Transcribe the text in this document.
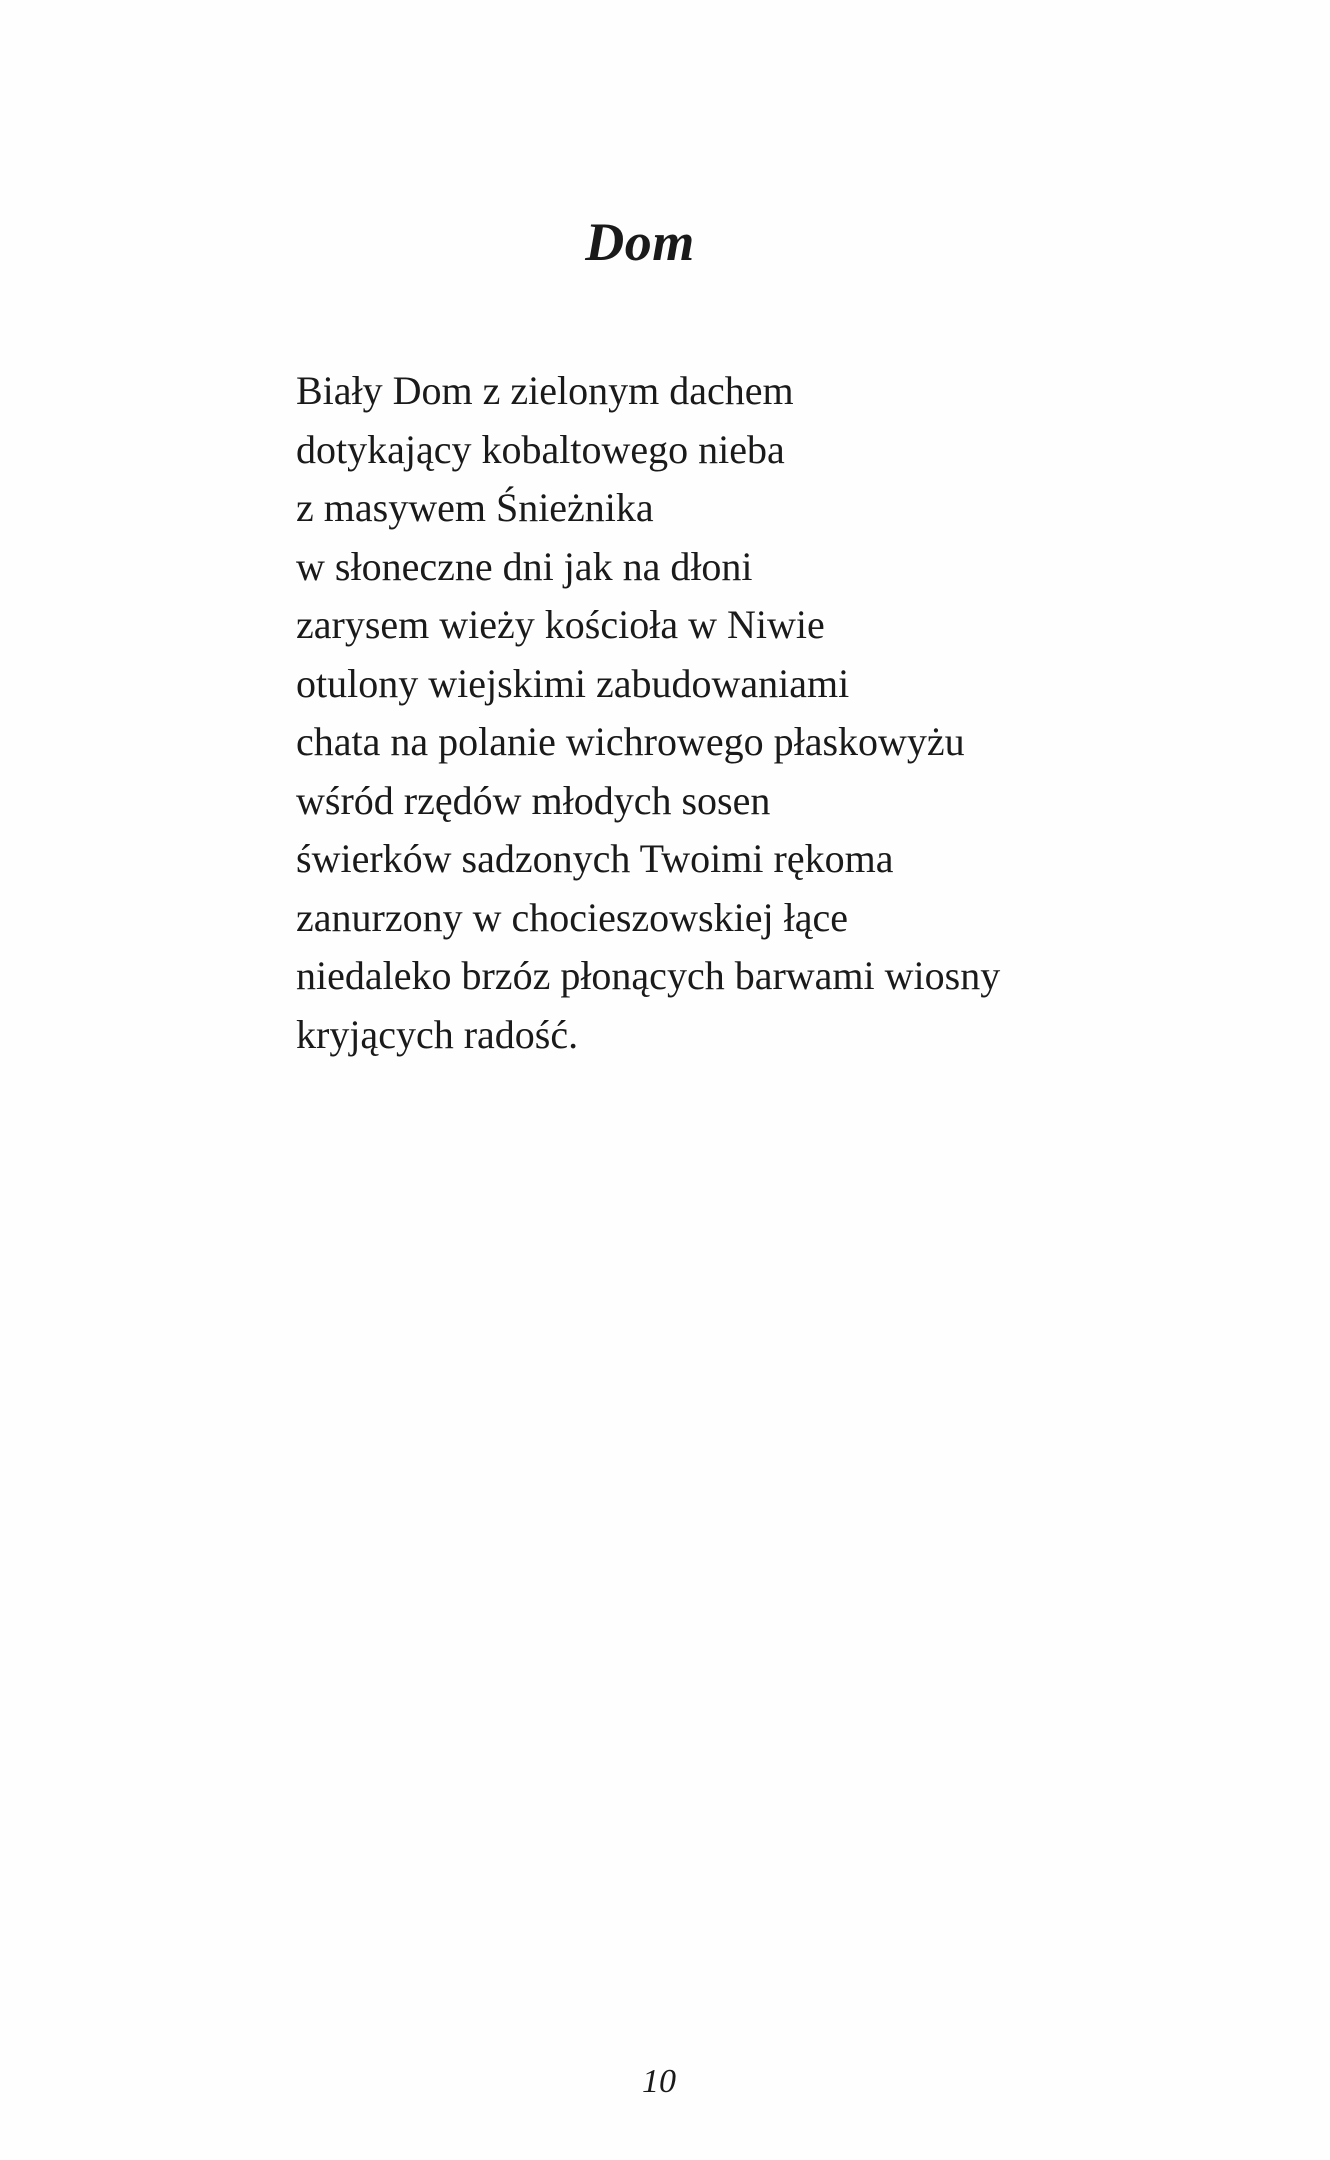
Dom
Biały Dom z zielonym dachem
dotykający kobaltowego nieba
z masywem Śnieżnika
w słoneczne dni jak na dłoni
zarysem wieży kościoła w Niwie
otulony wiejskimi zabudowaniami
chata na polanie wichrowego płaskowyżu
wśród rzędów młodych sosen
świerków sadzonych Twoimi rękoma
zanurzony w chocieszowskiej łące
niedaleko brzóz płonących barwami wiosny
kryjących radość.
10
